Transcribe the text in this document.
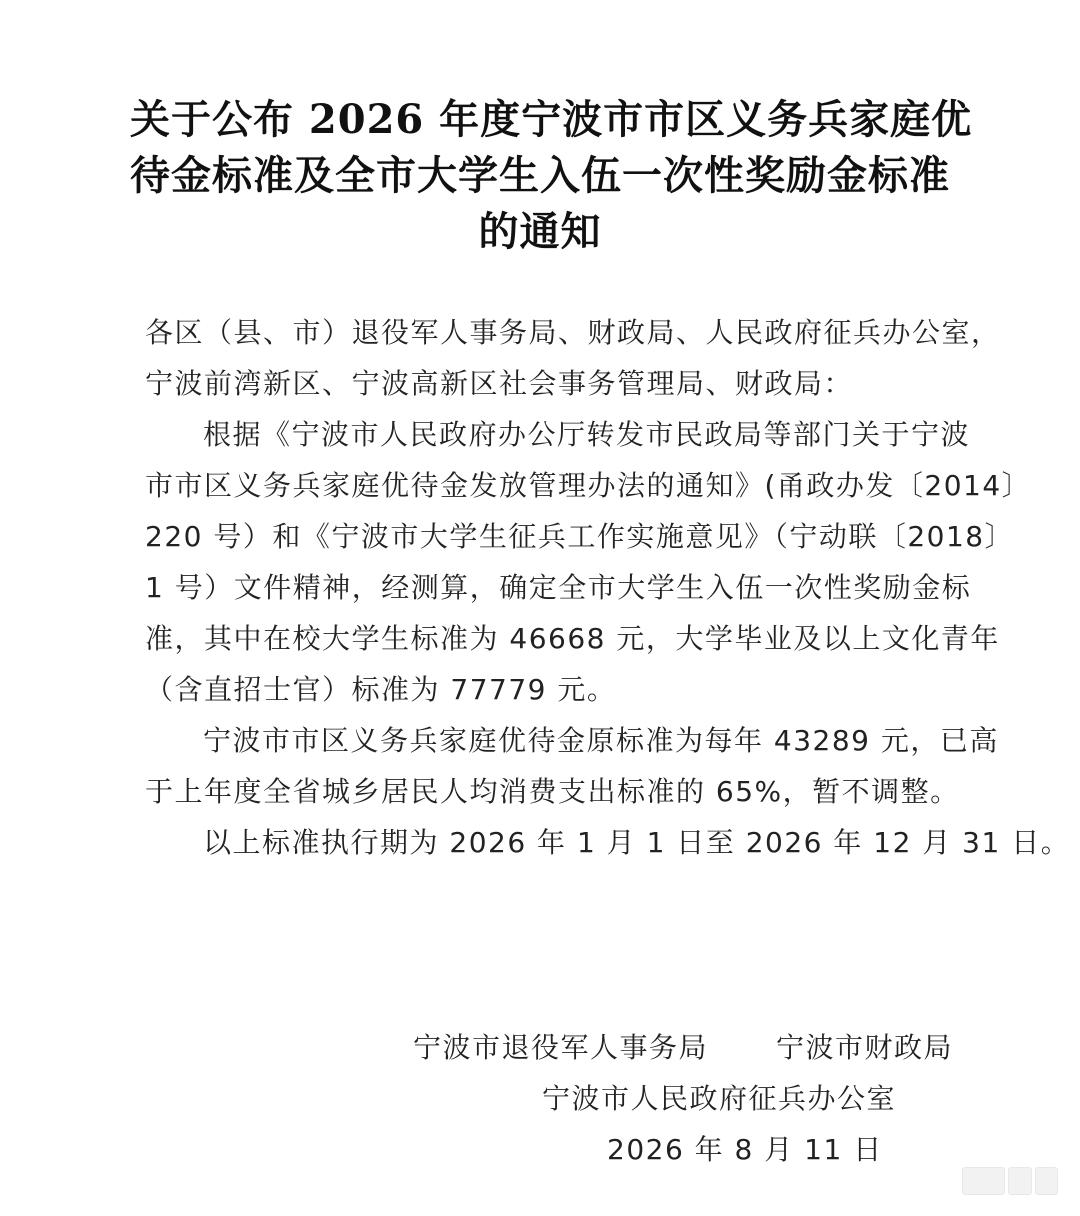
关于公布 2026 年度宁波市市区义务兵家庭优
待金标准及全市大学生入伍一次性奖励金标准
的通知
各区（县、市）退役军人事务局、财政局、人民政府征兵办公室，
宁波前湾新区、宁波高新区社会事务管理局、财政局：
根据《宁波市人民政府办公厅转发市民政局等部门关于宁波
市市区义务兵家庭优待金发放管理办法的通知》(甬政办发〔2014〕
220 号）和《宁波市大学生征兵工作实施意见》（宁动联〔2018〕
1 号）文件精神，经测算，确定全市大学生入伍一次性奖励金标
准，其中在校大学生标准为 46668 元，大学毕业及以上文化青年
（含直招士官）标准为 77779 元。
宁波市市区义务兵家庭优待金原标准为每年 43289 元，已高
于上年度全省城乡居民人均消费支出标准的 65%，暂不调整。
以上标准执行期为 2026 年 1 月 1 日至 2026 年 12 月 31 日。
宁波市退役军人事务局 宁波市财政局
宁波市人民政府征兵办公室
2026 年 8 月 11 日
